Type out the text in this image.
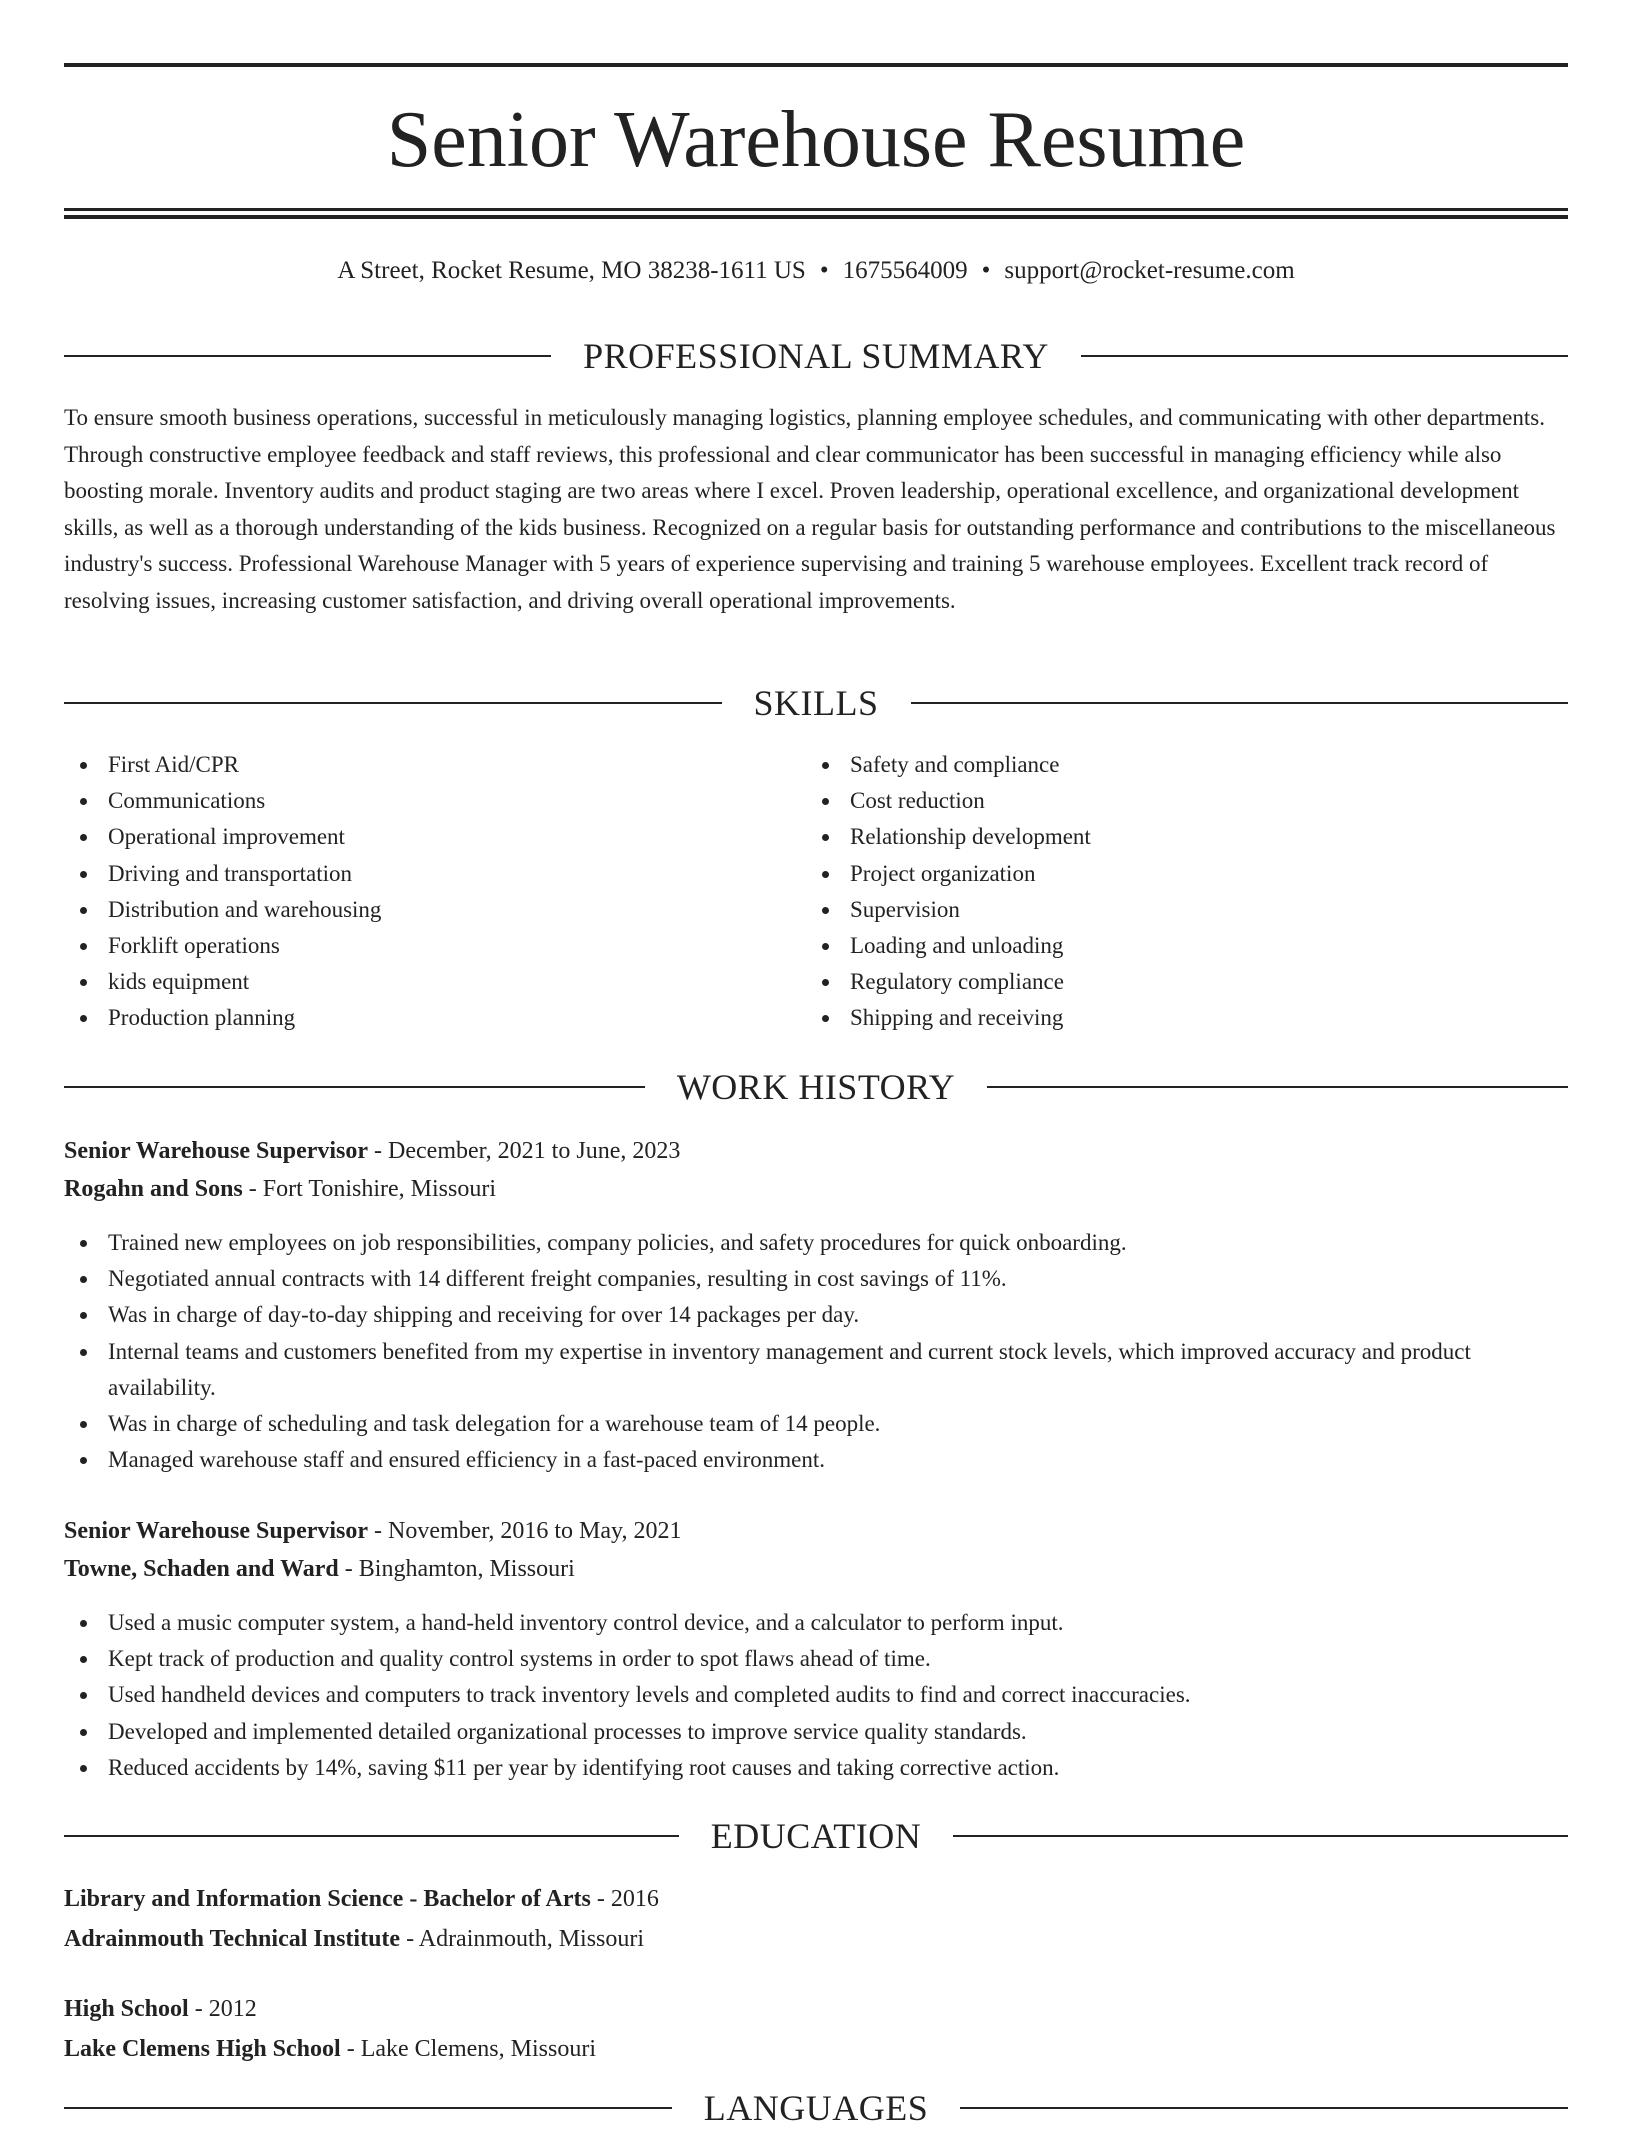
Senior Warehouse Resume
A Street, Rocket Resume, MO 38238-1611 US • 1675564009 • support@rocket-resume.com
PROFESSIONAL SUMMARY

To ensure smooth business operations, successful in meticulously managing logistics, planning employee schedules, and communicating with other departments. Through constructive employee feedback and staff reviews, this professional and clear communicator has been successful in managing efficiency while also boosting morale. Inventory audits and product staging are two areas where I excel. Proven leadership, operational excellence, and organizational development skills, as well as a thorough understanding of the kids business. Recognized on a regular basis for outstanding performance and contributions to the miscellaneous industry's success. Professional Warehouse Manager with 5 years of experience supervising and training 5 warehouse employees. Excellent track record of resolving issues, increasing customer satisfaction, and driving overall operational improvements.

SKILLS
First Aid/CPR
Communications
Operational improvement
Driving and transportation
Distribution and warehousing
Forklift operations
kids equipment
Production planning
Safety and compliance
Cost reduction
Relationship development
Project organization
Supervision
Loading and unloading
Regulatory compliance
Shipping and receiving
WORK HISTORY
Senior Warehouse Supervisor - December, 2021 to June, 2023
Rogahn and Sons - Fort Tonishire, Missouri
Trained new employees on job responsibilities, company policies, and safety procedures for quick onboarding.
Negotiated annual contracts with 14 different freight companies, resulting in cost savings of 11%.
Was in charge of day-to-day shipping and receiving for over 14 packages per day.
Internal teams and customers benefited from my expertise in inventory management and current stock levels, which improved accuracy and product availability.
Was in charge of scheduling and task delegation for a warehouse team of 14 people.
Managed warehouse staff and ensured efficiency in a fast-paced environment.
Senior Warehouse Supervisor - November, 2016 to May, 2021
Towne, Schaden and Ward - Binghamton, Missouri
Used a music computer system, a hand-held inventory control device, and a calculator to perform input.
Kept track of production and quality control systems in order to spot flaws ahead of time.
Used handheld devices and computers to track inventory levels and completed audits to find and correct inaccuracies.
Developed and implemented detailed organizational processes to improve service quality standards.
Reduced accidents by 14%, saving $11 per year by identifying root causes and taking corrective action.
EDUCATION
Library and Information Science - Bachelor of Arts - 2016
Adrainmouth Technical Institute - Adrainmouth, Missouri
High School - 2012
Lake Clemens High School - Lake Clemens, Missouri
LANGUAGES
